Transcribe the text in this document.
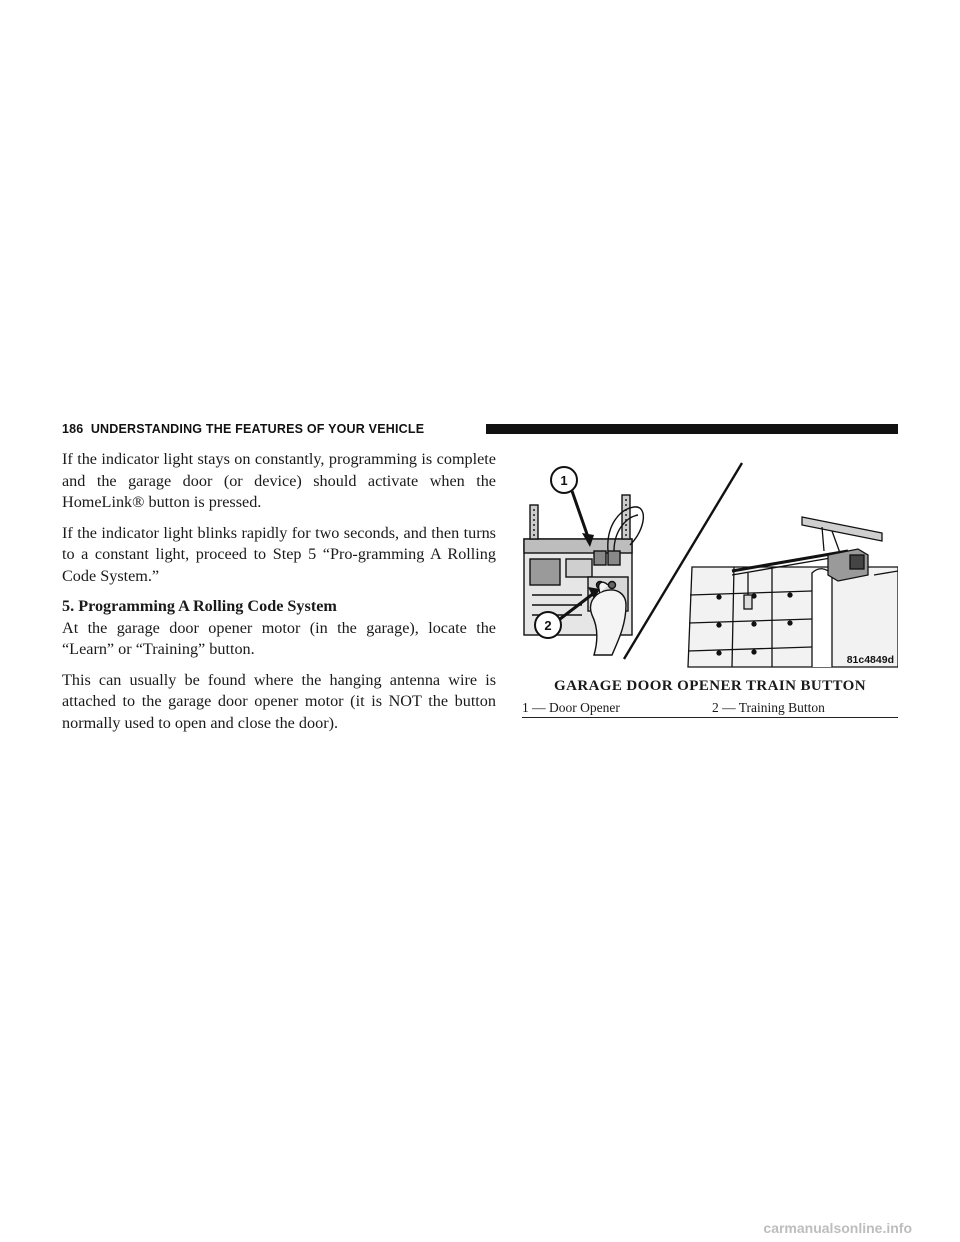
186 UNDERSTANDING THE FEATURES OF YOUR VEHICLE

If the indicator light stays on constantly, programming is complete and the garage door (or device) should activate when the HomeLink® button is pressed.

If the indicator light blinks rapidly for two seconds, and then turns to a constant light, proceed to Step 5 “Pro-gramming A Rolling Code System.”

5. Programming A Rolling Code System

At the garage door opener motor (in the garage), locate the “Learn” or “Training” button.

This can usually be found where the hanging antenna wire is attached to the garage door opener motor (it is NOT the button normally used to open and close the door).

1
2
81c4849d
GARAGE DOOR OPENER TRAIN BUTTON
1 — Door Opener	2 — Training Button
carmanualsonline.info
